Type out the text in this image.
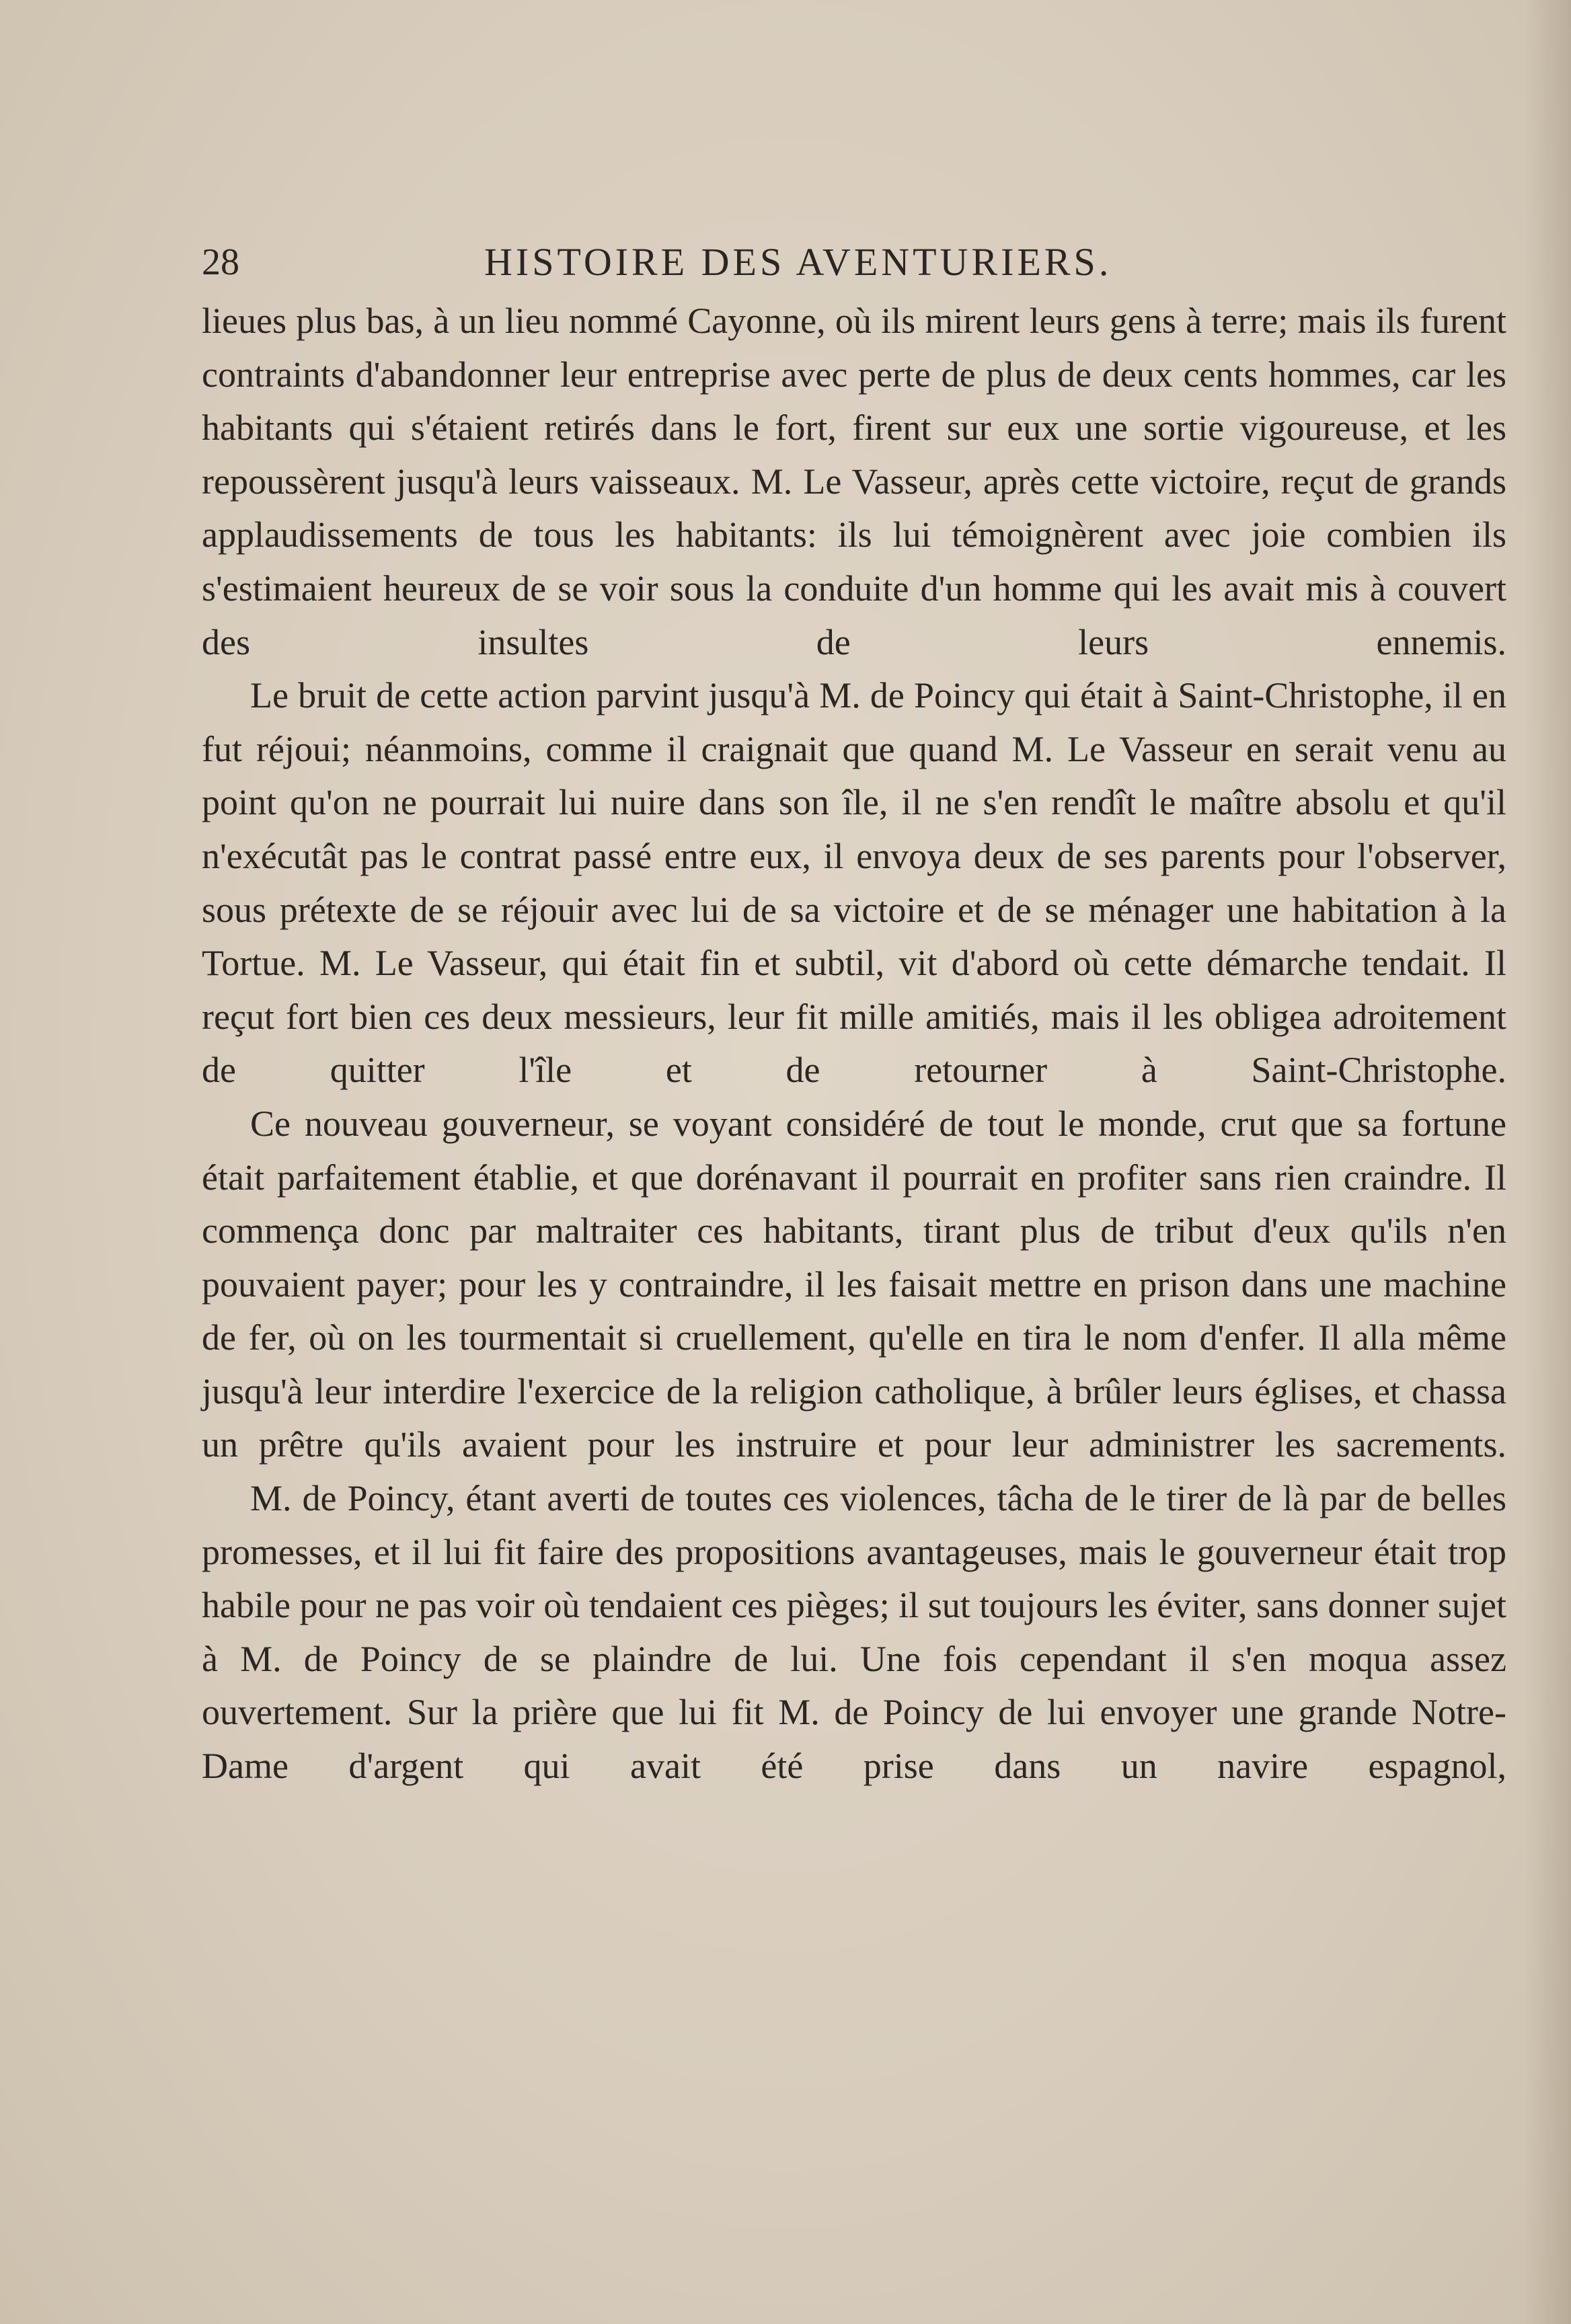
28	HISTOIRE DES AVENTURIERS.

lieues plus bas, à un lieu nommé Cayonne, où ils mirent leurs gens à terre; mais ils furent contraints d'abandonner leur entreprise avec perte de plus de deux cents hommes, car les habitants qui s'étaient retirés dans le fort, firent sur eux une sortie vigoureuse, et les repoussèrent jusqu'à leurs vaisseaux. M. Le Vasseur, après cette victoire, reçut de grands applaudissements de tous les habitants: ils lui témoignèrent avec joie combien ils s'estimaient heureux de se voir sous la conduite d'un homme qui les avait mis à couvert des insultes de leurs ennemis.

Le bruit de cette action parvint jusqu'à M. de Poincy qui était à Saint-Christophe, il en fut réjoui; néanmoins, comme il craignait que quand M. Le Vasseur en serait venu au point qu'on ne pourrait lui nuire dans son île, il ne s'en rendît le maître absolu et qu'il n'exécutât pas le contrat passé entre eux, il envoya deux de ses parents pour l'observer, sous prétexte de se réjouir avec lui de sa victoire et de se ménager une habitation à la Tortue. M. Le Vasseur, qui était fin et subtil, vit d'abord où cette démarche tendait. Il reçut fort bien ces deux messieurs, leur fit mille amitiés, mais il les obligea adroitement de quitter l'île et de retourner à Saint-Christophe.

Ce nouveau gouverneur, se voyant considéré de tout le monde, crut que sa fortune était parfaitement établie, et que dorénavant il pourrait en profiter sans rien craindre. Il commença donc par maltraiter ces habitants, tirant plus de tribut d'eux qu'ils n'en pouvaient payer; pour les y contraindre, il les faisait mettre en prison dans une machine de fer, où on les tourmentait si cruellement, qu'elle en tira le nom d'enfer. Il alla même jusqu'à leur interdire l'exercice de la religion catholique, à brûler leurs églises, et chassa un prêtre qu'ils avaient pour les instruire et pour leur administrer les sacrements.

M. de Poincy, étant averti de toutes ces violences, tâcha de le tirer de là par de belles promesses, et il lui fit faire des propositions avantageuses, mais le gouverneur était trop habile pour ne pas voir où tendaient ces pièges; il sut toujours les éviter, sans donner sujet à M. de Poincy de se plaindre de lui. Une fois cependant il s'en moqua assez ouvertement. Sur la prière que lui fit M. de Poincy de lui envoyer une grande Notre-Dame d'argent qui avait été prise dans un navire espagnol,
